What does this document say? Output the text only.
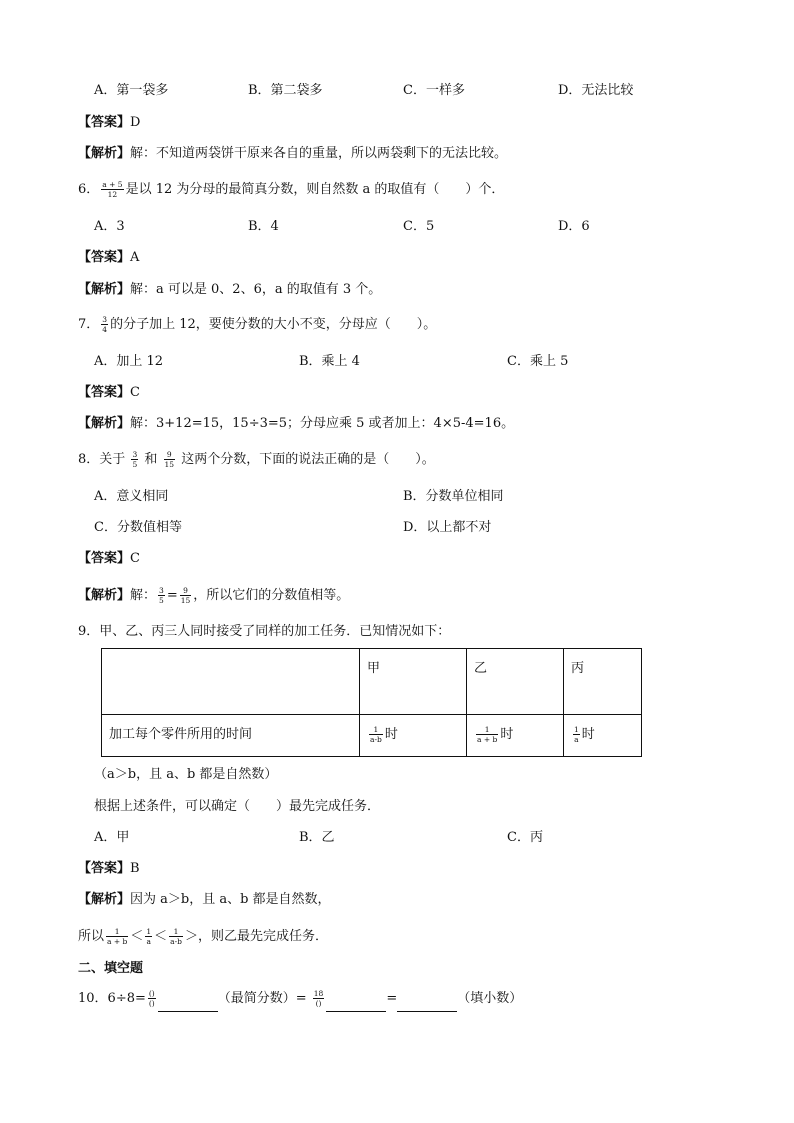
A．第一袋多	B．第二袋多	C．一样多	D．无法比较
【答案】D
【解析】解：不知道两袋饼干原来各自的重量，所以两袋剩下的无法比较。
6． $\frac{a + 5}{12}$ 是以 12 为分母的最简真分数，则自然数 a 的取值有（　　）个．
A．3	B．4	C．5	D．6
【答案】A
【解析】解：a 可以是 0、2、6，a 的取值有 3 个。
7． $\frac{3}{4}$ 的分子加上 12，要使分数的大小不变，分母应（　　）。
A．加上 12	B．乘上 4	C．乘上 5
【答案】C
【解析】解：3+12=15，15÷3=5；分母应乘 5 或者加上：4×5-4=16。
8．关于 $\frac{3}{5}$ 和 $\frac{9}{15}$ 这两个分数，下面的说法正确的是（　　）。
A．意义相同	B．分数单位相同
C．分数值相等	D．以上都不对
【答案】C
【解析】解： $\frac{3}{5} = \frac{9}{15}$ ，所以它们的分数值相等。
9．甲、乙、丙三人同时接受了同样的加工任务．已知情况如下：
	甲	乙	丙
加工每个零件所用的时间	$\frac{1}{a-b}$ 时	$\frac{1}{a + b}$ 时	$\frac{1}{a}$ 时
（a＞b，且 a、b 都是自然数）
根据上述条件，可以确定（　　）最先完成任务．
A．甲	B．乙	C．丙
【答案】B
【解析】因为 a＞b，且 a、b 都是自然数，
所以 $\frac{1}{a + b} < \frac{1}{a} < \frac{1}{a-b}$ ＞，则乙最先完成任务．
二、填空题
10．$6\div 8= \frac{()}{()}$	（最简分数）= $\frac{18}{()}$	=	（填小数）
